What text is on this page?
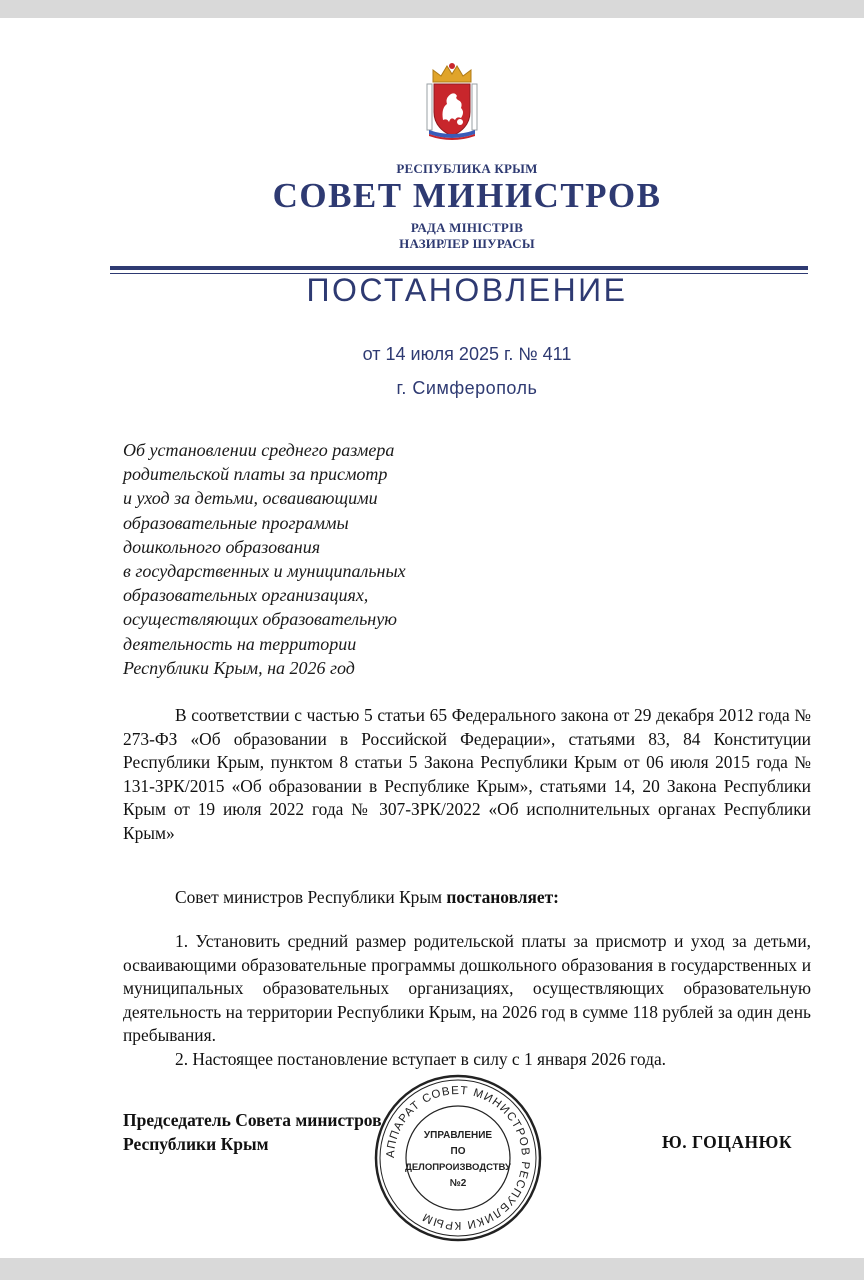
РЕСПУБЛИКА КРЫМ
СОВЕТ МИНИСТРОВ
РАДА МІНІСТРІВ
НАЗИРЛЕР ШУРАСЫ
ПОСТАНОВЛЕНИЕ
от 14 июля 2025 г. № 411
г. Симферополь
Об установлении среднего размера
родительской платы за присмотр
и уход за детьми, осваивающими
образовательные программы
дошкольного образования
в государственных и муниципальных
образовательных организациях,
осуществляющих образовательную
деятельность на территории
Республики Крым, на 2026 год

В соответствии с частью 5 статьи 65 Федерального закона от 29 декабря 2012 года № 273-ФЗ «Об образовании в Российской Федерации», статьями 83, 84 Конституции Республики Крым, пунктом 8 статьи 5 Закона Республики Крым от 06 июля 2015 года № 131-ЗРК/2015 «Об образовании в Республике Крым», статьями 14, 20 Закона Республики Крым от 19 июля 2022 года № 307-ЗРК/2022 «Об исполнительных органах Республики Крым»

Совет министров Республики Крым постановляет:

1. Установить средний размер родительской платы за присмотр и уход за детьми, осваивающими образовательные программы дошкольного образования в государственных и муниципальных образовательных организациях, осуществляющих образовательную деятельность на территории Республики Крым, на 2026 год в сумме 118 рублей за один день пребывания.

2. Настоящее постановление вступает в силу с 1 января 2026 года.

Председатель Совета министров
Республики Крым	Ю. ГОЦАНЮК
АППАРАТ СОВЕТ МИНИСТРОВ РЕСПУБЛИКИ КРЫМ
УПРАВЛЕНИЕ
ПО
ДЕЛОПРОИЗВОДСТВУ
№2
